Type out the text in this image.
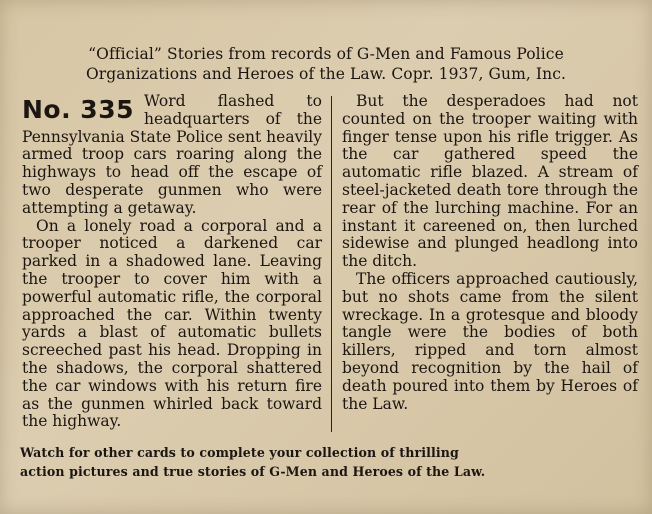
“Official” Stories from records of G-Men and Famous Police
Organizations and Heroes of the Law. Copr. 1937, Gum, Inc.
No. 335 Word flashed to headquarters of the Pennsylvania State Police sent heavily armed troop cars roaring along the highways to head off the escape of two desperate gunmen who were attempting a getaway.

On a lonely road a corporal and a trooper noticed a darkened car parked in a shadowed lane. Leaving the trooper to cover him with a powerful automatic rifle, the corporal approached the car. Within twenty yards a blast of automatic bullets screeched past his head. Dropping in the shadows, the corporal shattered the car windows with his return fire as the gunmen whirled back toward the highway.

But the desperadoes had not counted on the trooper waiting with finger tense upon his rifle trigger. As the car gathered speed the automatic rifle blazed. A stream of steel-jacketed death tore through the rear of the lurching machine. For an instant it careened on, then lurched sidewise and plunged headlong into the ditch.

The officers approached cautiously, but no shots came from the silent wreckage. In a grotesque and bloody tangle were the bodies of both killers, ripped and torn almost beyond recognition by the hail of death poured into them by Heroes of the Law.

Watch for other cards to complete your collection of thrilling
action pictures and true stories of G-Men and Heroes of the Law.
